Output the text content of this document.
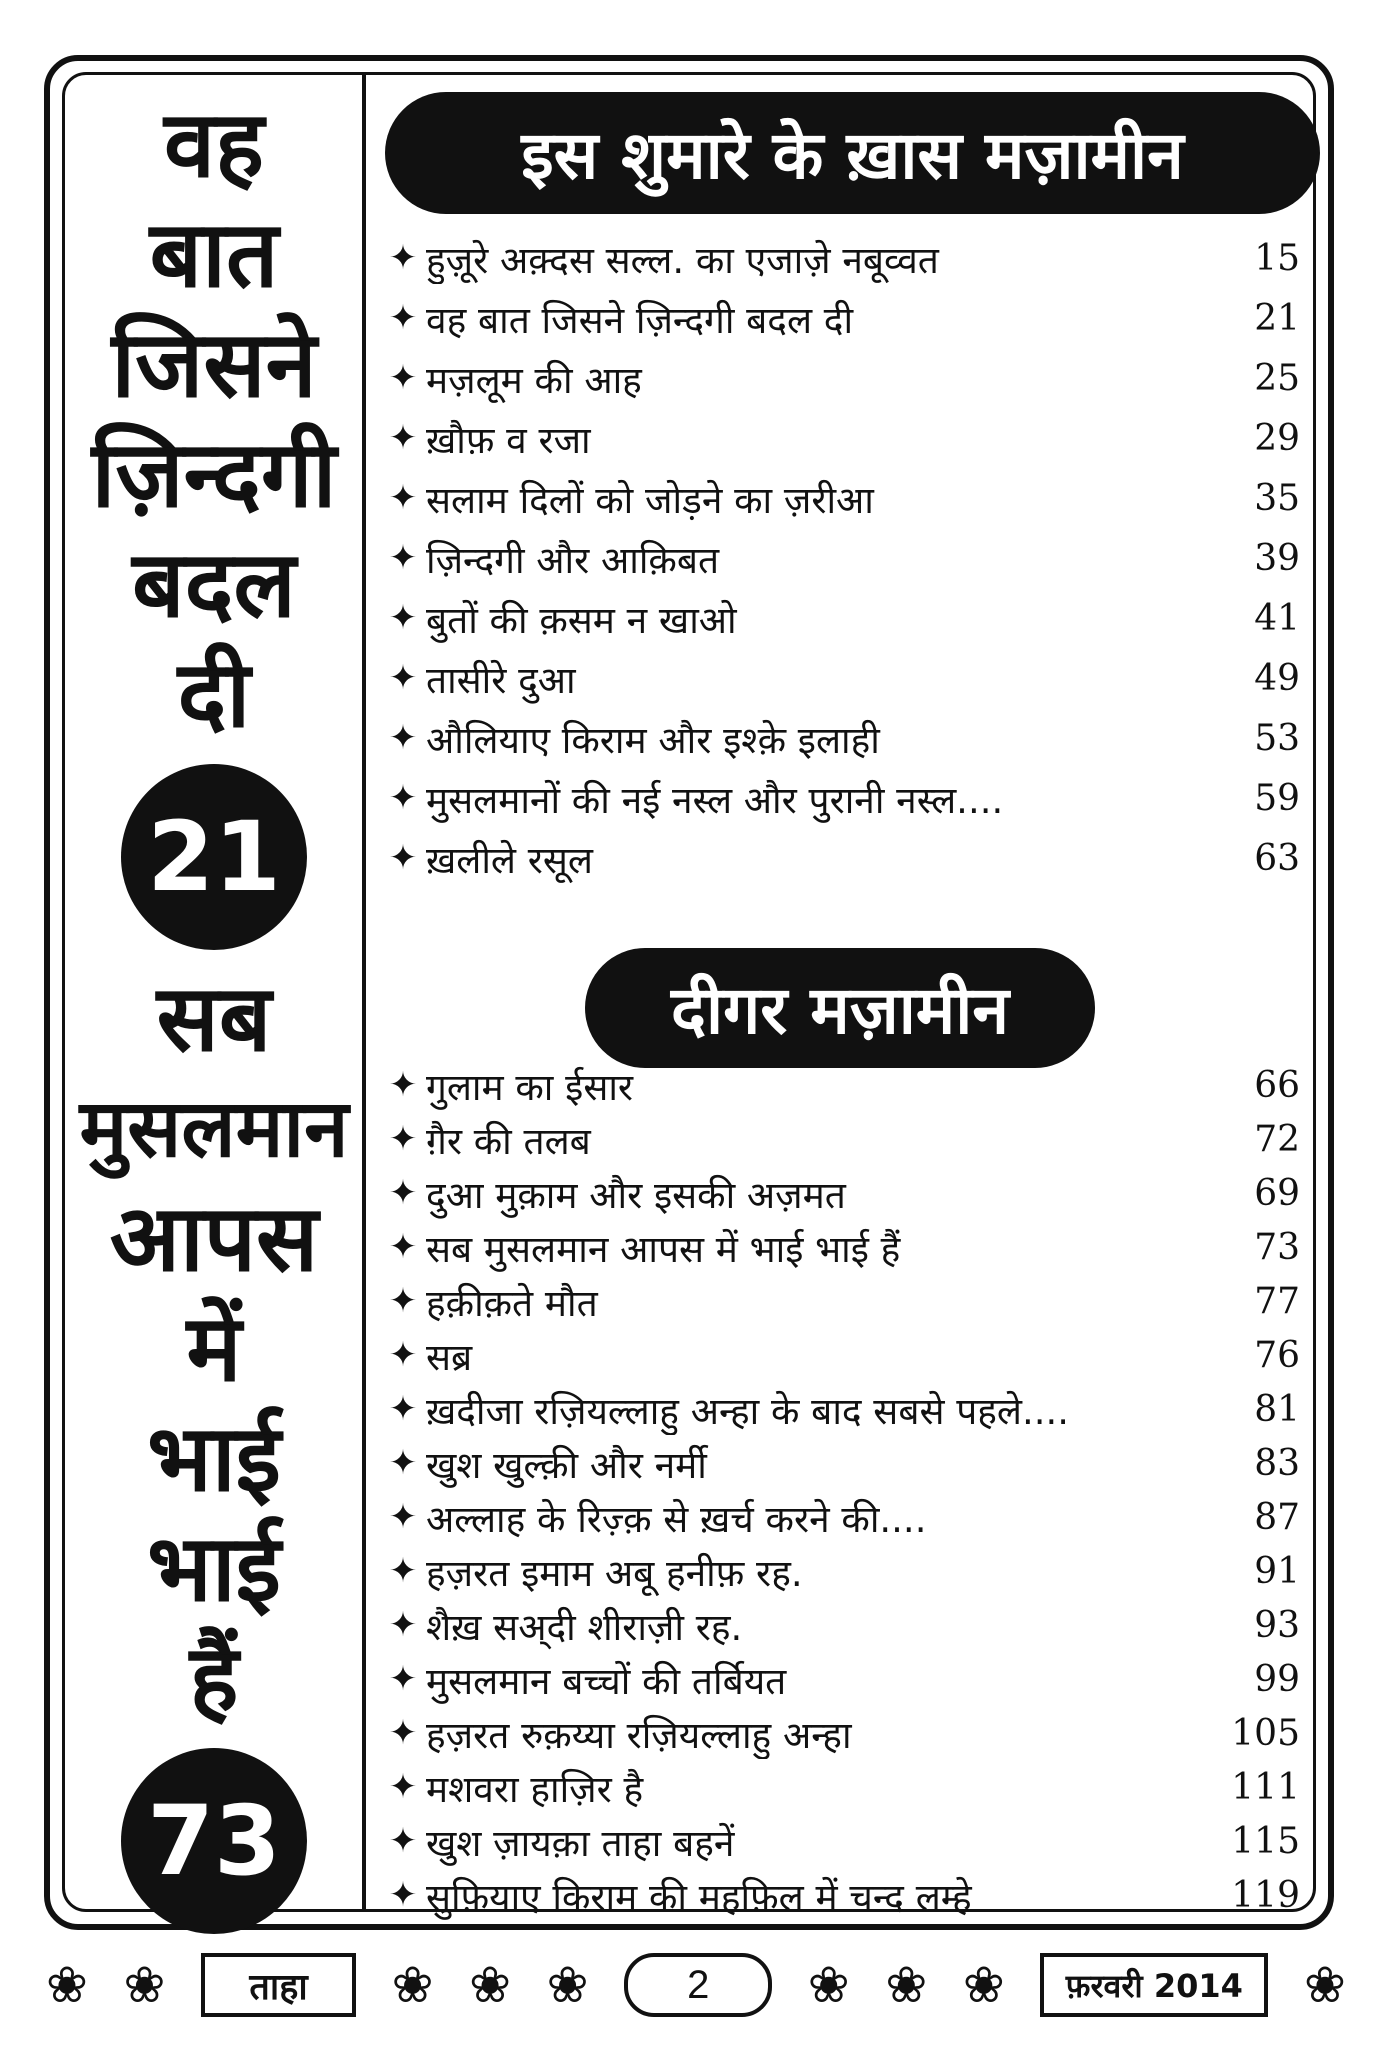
वह
बात
जिसने
ज़िन्दगी
बदल
दी
21
सब
मुसलमान
आपस
में
भाई
भाई
हैं
73
इस शुमारे के ख़ास मज़ामीन
✦ हुज़ूरे अक़्दस सल्ल. का एजाज़े नबूव्वत	15
✦ वह बात जिसने ज़िन्दगी बदल दी	21
✦ मज़लूम की आह	25
✦ ख़ौफ़ व रजा	29
✦ सलाम दिलों को जोड़ने का ज़रीआ	35
✦ ज़िन्दगी और आक़िबत	39
✦ बुतों की क़सम न खाओ	41
✦ तासीरे दुआ	49
✦ औलियाए किराम और इश्क़े इलाही	53
✦ मुसलमानों की नई नस्ल और पुरानी नस्ल....	59
✦ ख़लीले रसूल	63
दीगर मज़ामीन
✦ गुलाम का ईसार	66
✦ ग़ैर की तलब	72
✦ दुआ मुक़ाम और इसकी अज़मत	69
✦ सब मुसलमान आपस में भाई भाई हैं	73
✦ हक़ीक़ते मौत	77
✦ सब्र	76
✦ ख़दीजा रज़ियल्लाहु अन्हा के बाद सबसे पहले....	81
✦ खुश खुल्क़ी और नर्मी	83
✦ अल्लाह के रिज़्क़ से ख़र्च करने की....	87
✦ हज़रत इमाम अबू हनीफ़ रह.	91
✦ शैख़ सअ्दी शीराज़ी रह.	93
✦ मुसलमान बच्चों की तर्बियत	99
✦ हज़रत रुक़य्या रज़ियल्लाहु अन्हा	105
✦ मशवरा हाज़िर है	111
✦ खुश ज़ायक़ा ताहा बहनें	115
✦ सुफ़ियाए किराम की महफ़िल में चन्द लम्हे	119
❀ ❀	ताहा	❀ ❀ ❀	2	❀ ❀ ❀	फ़रवरी 2014	❀
